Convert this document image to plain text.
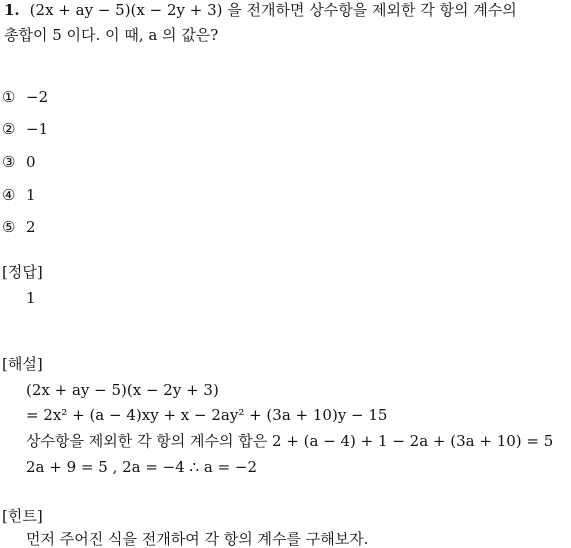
1. (2x + ay − 5)(x − 2y + 3) 을 전개하면 상수항을 제외한 각 항의 계수의
총합이 5 이다. 이 때, a 의 값은?
① −2
② −1
③ 0
④ 1
⑤ 2
[정답]
1
[해설]
(2x + ay − 5)(x − 2y + 3)
= 2x² + (a − 4)xy + x − 2ay² + (3a + 10)y − 15
상수항을 제외한 각 항의 계수의 합은 2 + (a − 4) + 1 − 2a + (3a + 10) = 5
2a + 9 = 5 , 2a = −4 ∴ a = −2
[힌트]
먼저 주어진 식을 전개하여 각 항의 계수를 구해보자.
